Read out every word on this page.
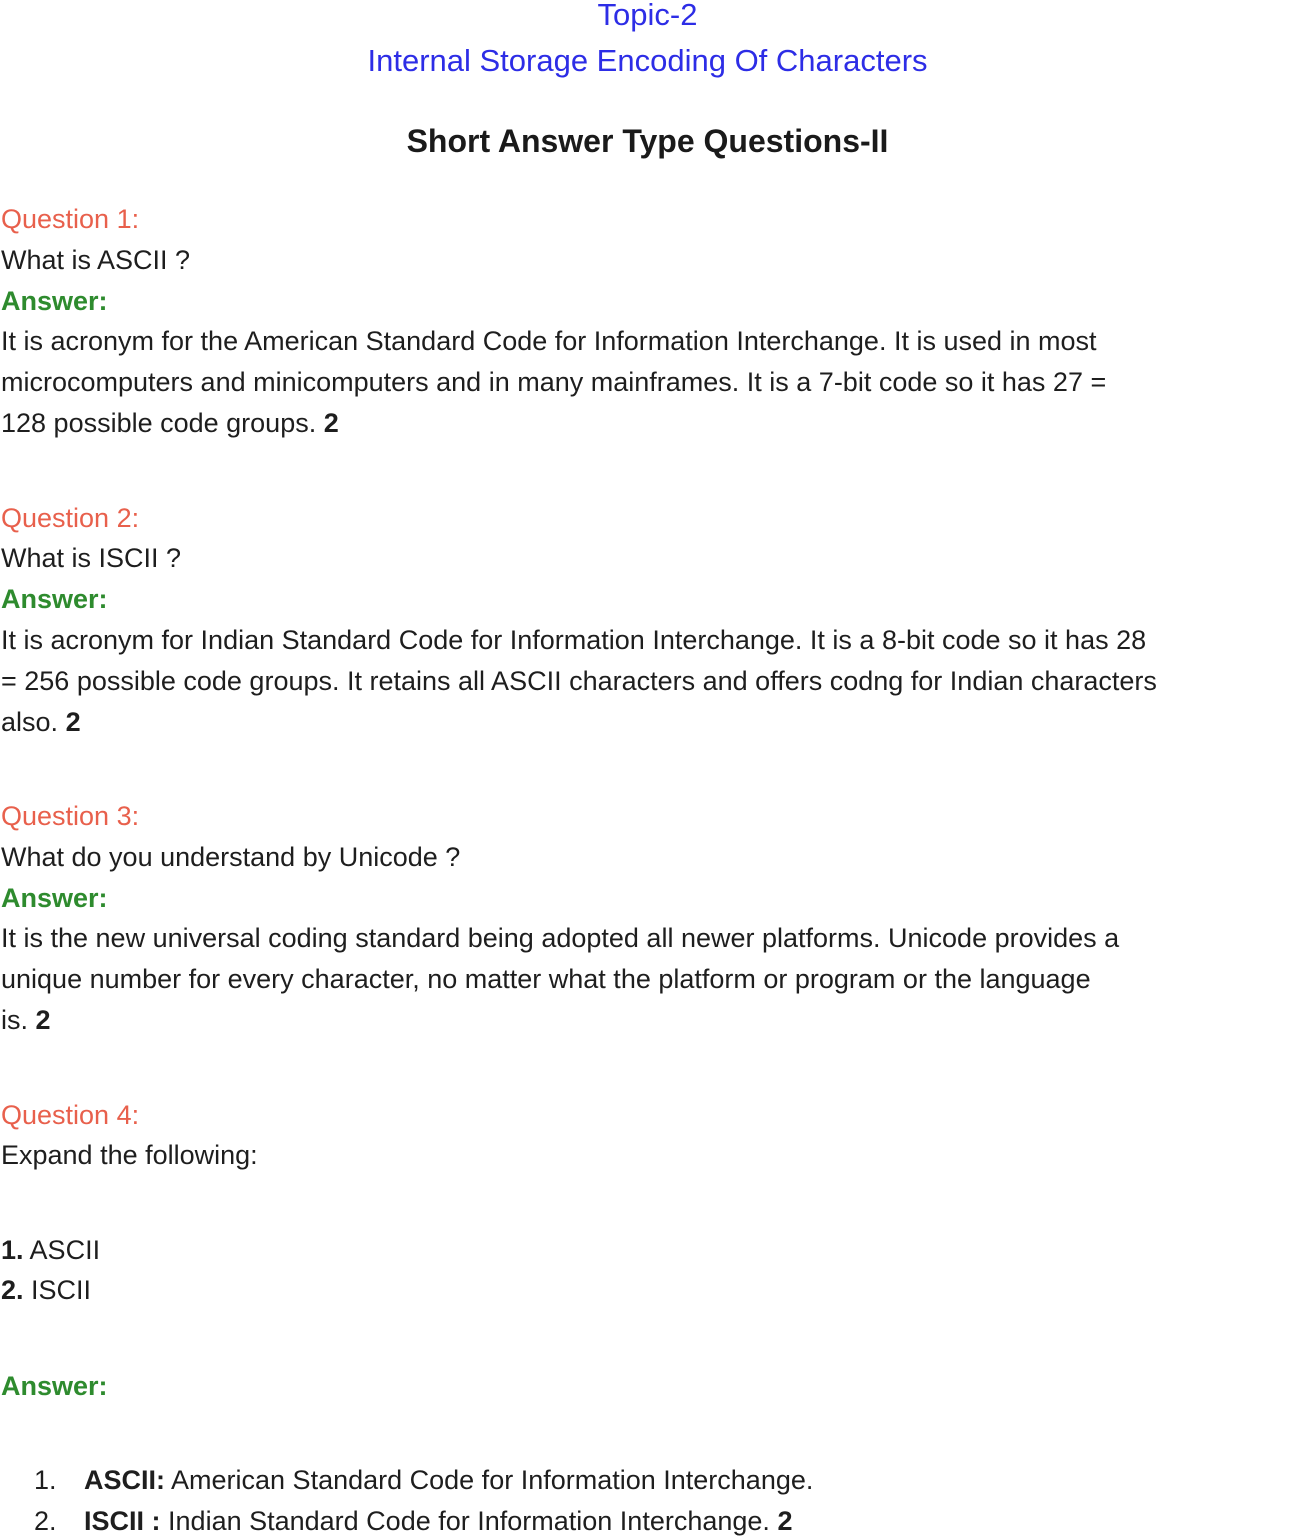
Topic-2
Internal Storage Encoding Of Characters
Short Answer Type Questions-II
Question 1:
What is ASCII ?
Answer:
It is acronym for the American Standard Code for Information Interchange. It is used in most
microcomputers and minicomputers and in many mainframes. It is a 7-bit code so it has 27 =
128 possible code groups. 2
Question 2:
What is ISCII ?
Answer:
It is acronym for Indian Standard Code for Information Interchange. It is a 8-bit code so it has 28
= 256 possible code groups. It retains all ASCII characters and offers codng for Indian characters
also. 2
Question 3:
What do you understand by Unicode ?
Answer:
It is the new universal coding standard being adopted all newer platforms. Unicode provides a
unique number for every character, no matter what the platform or program or the language
is. 2
Question 4:
Expand the following:
1. ASCII
2. ISCII
Answer:
1. ASCII: American Standard Code for Information Interchange.
2. ISCII : Indian Standard Code for Information Interchange. 2
